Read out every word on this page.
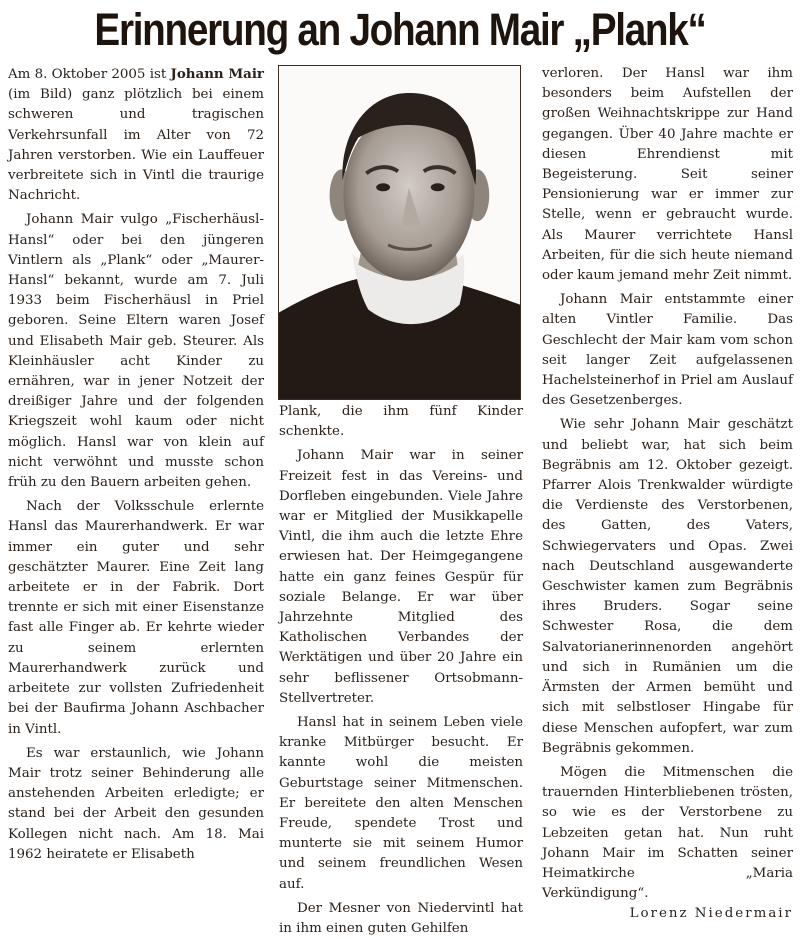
Erinnerung an Johann Mair „Plank“

Am 8. Oktober 2005 ist Johann Mair (im Bild) ganz plötzlich bei einem schweren und tragischen Verkehrsunfall im Alter von 72 Jahren verstorben. Wie ein Lauffeuer verbreitete sich in Vintl die traurige Nachricht.

Johann Mair vulgo „Fischerhäusl-Hansl“ oder bei den jüngeren Vintlern als „Plank“ oder „Maurer-Hansl“ bekannt, wurde am 7. Juli 1933 beim Fischerhäusl in Priel geboren. Seine Eltern waren Josef und Elisabeth Mair geb. Steurer. Als Kleinhäusler acht Kinder zu ernähren, war in jener Notzeit der dreißiger Jahre und der folgenden Kriegszeit wohl kaum oder nicht möglich. Hansl war von klein auf nicht verwöhnt und musste schon früh zu den Bauern arbeiten gehen.

Nach der Volksschule erlernte Hansl das Maurerhandwerk. Er war immer ein guter und sehr geschätzter Maurer. Eine Zeit lang arbeitete er in der Fabrik. Dort trennte er sich mit einer Eisenstanze fast alle Finger ab. Er kehrte wieder zu seinem erlernten Maurerhandwerk zurück und arbeitete zur vollsten Zufriedenheit bei der Baufirma Johann Aschbacher in Vintl.

Es war erstaunlich, wie Johann Mair trotz seiner Behinderung alle anstehenden Arbeiten erledigte; er stand bei der Arbeit den gesunden Kollegen nicht nach. Am 18. Mai 1962 heiratete er Elisabeth

Plank, die ihm fünf Kinder schenkte.

Johann Mair war in seiner Freizeit fest in das Vereins- und Dorfleben eingebunden. Viele Jahre war er Mitglied der Musikkapelle Vintl, die ihm auch die letzte Ehre erwiesen hat. Der Heimgegangene hatte ein ganz feines Gespür für soziale Belange. Er war über Jahrzehnte Mitglied des Katholischen Verbandes der Werktätigen und über 20 Jahre ein sehr beflissener Ortsobmann-Stellvertreter.

Hansl hat in seinem Leben viele kranke Mitbürger besucht. Er kannte wohl die meisten Geburtstage seiner Mitmenschen. Er bereitete den alten Menschen Freude, spendete Trost und munterte sie mit seinem Humor und seinem freundlichen Wesen auf.

Der Mesner von Niedervintl hat in ihm einen guten Gehilfen

verloren. Der Hansl war ihm besonders beim Aufstellen der großen Weihnachtskrippe zur Hand gegangen. Über 40 Jahre machte er diesen Ehrendienst mit Begeisterung. Seit seiner Pensionierung war er immer zur Stelle, wenn er gebraucht wurde. Als Maurer verrichtete Hansl Arbeiten, für die sich heute niemand oder kaum jemand mehr Zeit nimmt.

Johann Mair entstammte einer alten Vintler Familie. Das Geschlecht der Mair kam vom schon seit langer Zeit aufgelassenen Hachelsteinerhof in Priel am Auslauf des Gesetzenberges.

Wie sehr Johann Mair geschätzt und beliebt war, hat sich beim Begräbnis am 12. Oktober gezeigt. Pfarrer Alois Trenkwalder würdigte die Verdienste des Verstorbenen, des Gatten, des Vaters, Schwiegervaters und Opas. Zwei nach Deutschland ausgewanderte Geschwister kamen zum Begräbnis ihres Bruders. Sogar seine Schwester Rosa, die dem Salvatorianerinnenorden angehört und sich in Rumänien um die Ärmsten der Armen bemüht und sich mit selbstloser Hingabe für diese Menschen aufopfert, war zum Begräbnis gekommen.

Mögen die Mitmenschen die trauernden Hinterbliebenen trösten, so wie es der Verstorbene zu Lebzeiten getan hat. Nun ruht Johann Mair im Schatten seiner Heimatkirche „Maria Verkündigung“.

Lorenz Niedermair
